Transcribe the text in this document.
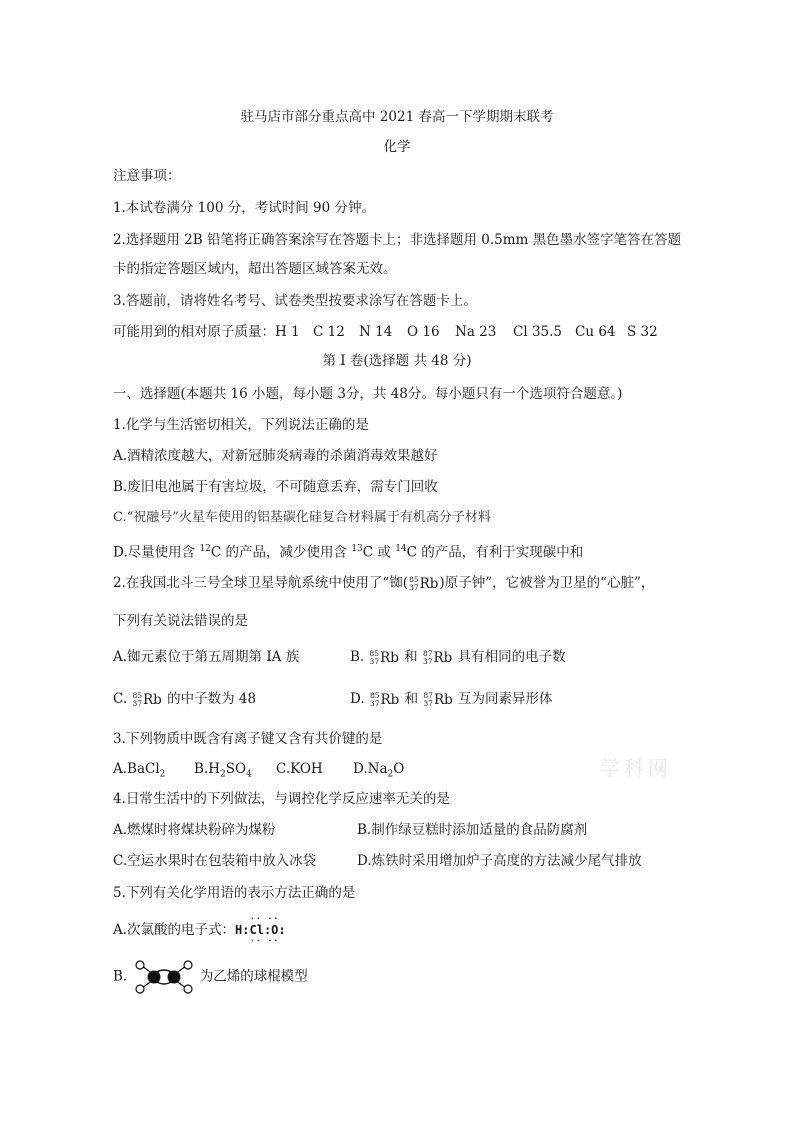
驻马店市部分重点高中 2021 春高一下学期期末联考
化学
注意事项：
1.本试卷满分 100 分，考试时间 90 分钟。
2.选择题用 2B 铅笔将正确答案涂写在答题卡上；非选择题用 0.5mm 黑色墨水签字笔答在答题
卡的指定答题区域内，超出答题区域答案无效。
3.答题前，请将姓名考号、试卷类型按要求涂写在答题卡上。
可能用到的相对原子质量： H 1 C 12	N 14	O 16	Na 23	Cl 35.5 Cu 64 S 32
第 I 卷(选择题 共 48 分)
一、选择题(本题共 16 小题，每小题 3分，共 48分。每小题只有一个选项符合题意。)
1.化学与生活密切相关，下列说法正确的是
A.酒精浓度越大，对新冠肺炎病毒的杀菌消毒效果越好
B.废旧电池属于有害垃圾，不可随意丢弃，需专门回收
C.“祝融号”火星车使用的铝基碳化硅复合材料属于有机高分子材料
D.尽量使用含 $^{12}$C 的产品，减少使用含 $^{13}$C 或 $^{14}$C 的产品，有利于实现碳中和
2.在我国北斗三号全球卫星导航系统中使用了“铷( 85
37 Rb )原子钟”，它被誉为卫星的“心脏”，
下列有关说法错误的是
A.铷元素位于第五周期第 IA 族	B. 85
37 Rb 和 87
37 Rb 具有相同的电子数
C. 85
37 Rb 的中子数为 48	D. 85
37 Rb 和 87
37 Rb 互为同素异形体
3.下列物质中既含有离子键又含有共价键的是
A.BaCl$_2$	$B.H_2SO_4$	C.KOH	$D.Na_2O$	学科网
4.日常生活中的下列做法，与调控化学反应速率无关的是
A.燃煤时将煤块粉碎为煤粉	B.制作绿豆糕时添加适量的食品防腐剂
C.空运水果时在包装箱中放入冰袋	D.炼铁时采用增加炉子高度的方法减少尾气排放
5.下列有关化学用语的表示方法正确的是
A.次氯酸的电子式：
·· ··
H:Cl:O:
·· ··
B.	为乙烯的球棍模型
